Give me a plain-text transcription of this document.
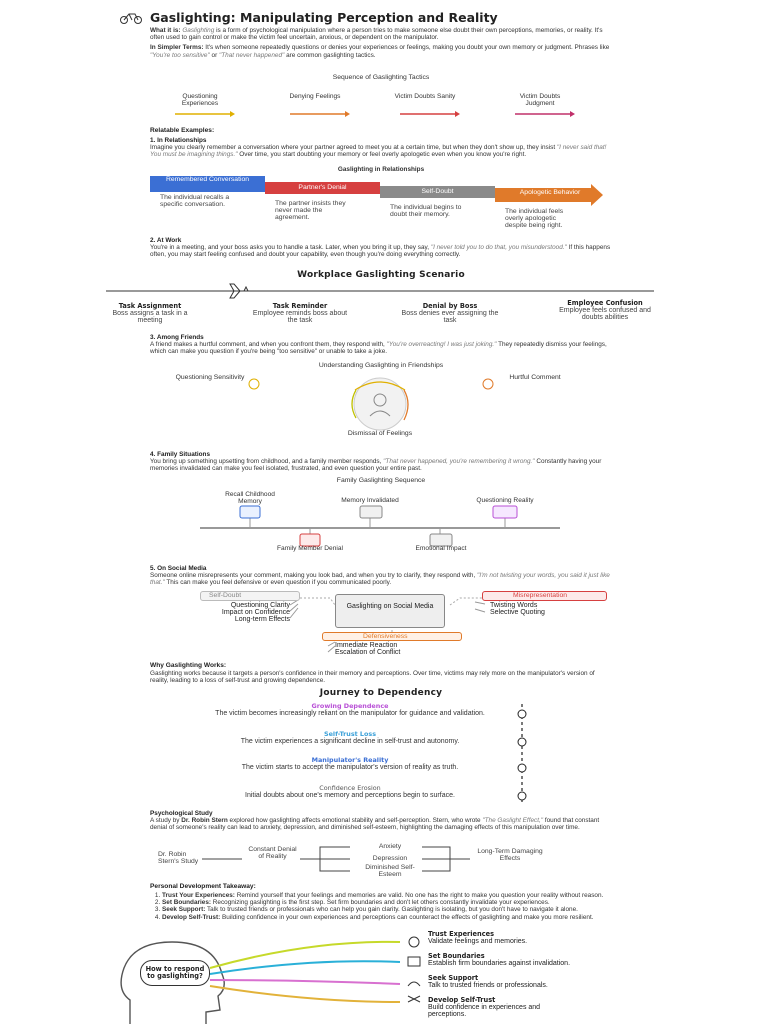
Gaslighting: Manipulating Perception and Reality
What it is: Gaslighting is a form of psychological manipulation where a person tries to make someone else doubt their own perceptions, memories, or reality. It's often used to gain control or make the victim feel uncertain, anxious, or dependent on the manipulator.
In Simpler Terms: It's when someone repeatedly questions or denies your experiences or feelings, making you doubt your own memory or judgment. Phrases like "You're too sensitive" or "That never happened" are common gaslighting tactics.
Sequence of Gaslighting Tactics
Questioning Experiences
Denying Feelings	Victim Doubts Sanity	Victim Doubts Judgment
Relatable Examples:
1. In Relationships
Imagine you clearly remember a conversation where your partner agreed to meet you at a certain time, but when they don't show up, they insist "I never said that! You must be imagining things." Over time, you start doubting your memory or feel overly apologetic even when you know you're right.
Gaslighting in Relationships
Remembered Conversation
Partner's Denial
Self-Doubt	Apologetic Behavior
The individual recalls a specific conversation.	The partner insists they never made the agreement.
The individual begins to doubt their memory.	The individual feels overly apologetic despite being right.
2. At Work
You're in a meeting, and your boss asks you to handle a task. Later, when you bring it up, they say, "I never told you to do that, you misunderstood." If this happens often, you may start feeling confused and doubt your capability, even though you're doing everything correctly.
Workplace Gaslighting Scenario
Task Assignment
Boss assigns a task in a meeting
Task Reminder
Employee reminds boss about the task
Denial by Boss
Boss denies ever assigning the task
Employee Confusion
Employee feels confused and doubts abilities
3. Among Friends
A friend makes a hurtful comment, and when you confront them, they respond with, "You're overreacting! I was just joking." They repeatedly dismiss your feelings, which can make you question if you're being "too sensitive" or unable to take a joke.
Understanding Gaslighting in Friendships
Questioning Sensitivity	Hurtful Comment
Dismissal of Feelings
4. Family Situations
You bring up something upsetting from childhood, and a family member responds, "That never happened, you're remembering it wrong." Constantly having your memories invalidated can make you feel isolated, frustrated, and even question your entire past.
Family Gaslighting Sequence
Recall Childhood Memory	Memory Invalidated	Questioning Reality
Family Member Denial	Emotional Impact
5. On Social Media
Someone online misrepresents your comment, making you look bad, and when you try to clarify, they respond with, "I'm not twisting your words, you said it just like that." This can make you feel defensive or even question if you communicated poorly.
Self-Doubt
Questioning Clarity
Impact on Confidence
Long-term Effects
Gaslighting on Social Media
Misrepresentation
Twisting Words
Selective Quoting
Defensiveness
Immediate Reaction
Escalation of Conflict
Why Gaslighting Works:
Gaslighting works because it targets a person's confidence in their memory and perceptions. Over time, victims may rely more on the manipulator's version of reality, leading to a loss of self-trust and growing dependence.
Journey to Dependency
Growing Dependence
The victim becomes increasingly reliant on the manipulator for guidance and validation.
Self-Trust Loss
The victim experiences a significant decline in self-trust and autonomy.
Manipulator's Reality
The victim starts to accept the manipulator's version of reality as truth.
Confidence Erosion
Initial doubts about one's memory and perceptions begin to surface.
Psychological Study
A study by Dr. Robin Stern explored how gaslighting affects emotional stability and self-perception. Stern, who wrote "The Gaslight Effect," found that constant denial of someone's reality can lead to anxiety, depression, and diminished self-esteem, highlighting the damaging effects of this manipulation over time.
Dr. Robin Stern's Study
Constant Denial of Reality
Anxiety
Depression
Diminished Self-Esteem
Long-Term Damaging Effects
Personal Development Takeaway:
1. Trust Your Experiences: Remind yourself that your feelings and memories are valid. No one has the right to make you question your reality without reason.
2. Set Boundaries: Recognizing gaslighting is the first step. Set firm boundaries and don't let others constantly invalidate your experiences.
3. Seek Support: Talk to trusted friends or professionals who can help you gain clarity. Gaslighting is isolating, but you don't have to navigate it alone.
4. Develop Self-Trust: Building confidence in your own experiences and perceptions can counteract the effects of gaslighting and make you more resilient.
How to respond to gaslighting?
Trust Experiences
Validate feelings and memories.
Set Boundaries
Establish firm boundaries against invalidation.
Seek Support
Talk to trusted friends or professionals.
Develop Self-Trust
Build confidence in experiences and perceptions.
